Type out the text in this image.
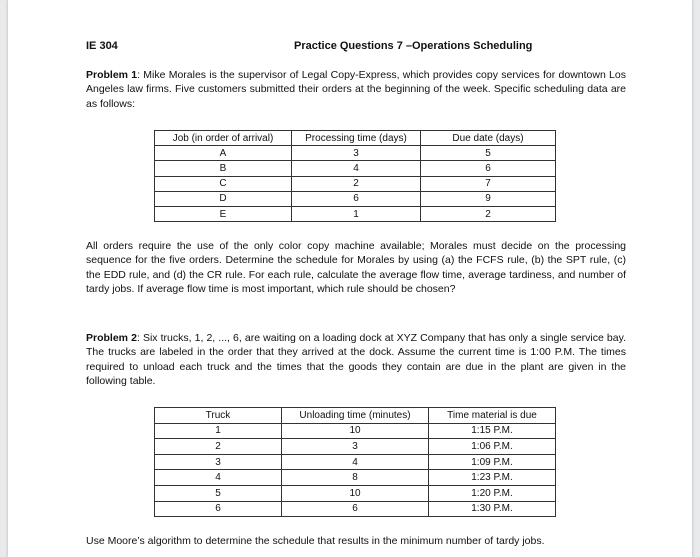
IE 304	Practice Questions 7 –Operations Scheduling

Problem 1: Mike Morales is the supervisor of Legal Copy-Express, which provides copy services for downtown Los Angeles law firms. Five customers submitted their orders at the beginning of the week. Specific scheduling data are as follows:

Job (in order of arrival)	Processing time (days)	Due date (days)
A	3	5
B	4	6
C	2	7
D	6	9
E	1	2

All orders require the use of the only color copy machine available; Morales must decide on the processing sequence for the five orders. Determine the schedule for Morales by using (a) the FCFS rule, (b) the SPT rule, (c) the EDD rule, and (d) the CR rule. For each rule, calculate the average flow time, average tardiness, and number of tardy jobs. If average flow time is most important, which rule should be chosen?

Problem 2: Six trucks, 1, 2, ..., 6, are waiting on a loading dock at XYZ Company that has only a single service bay. The trucks are labeled in the order that they arrived at the dock. Assume the current time is 1:00 P.M. The times required to unload each truck and the times that the goods they contain are due in the plant are given in the following table.

Truck	Unloading time (minutes)	Time material is due
1	10	1:15 P.M.
2	3	1:06 P.M.
3	4	1:09 P.M.
4	8	1:23 P.M.
5	10	1:20 P.M.
6	6	1:30 P.M.

Use Moore’s algorithm to determine the schedule that results in the minimum number of tardy jobs.
